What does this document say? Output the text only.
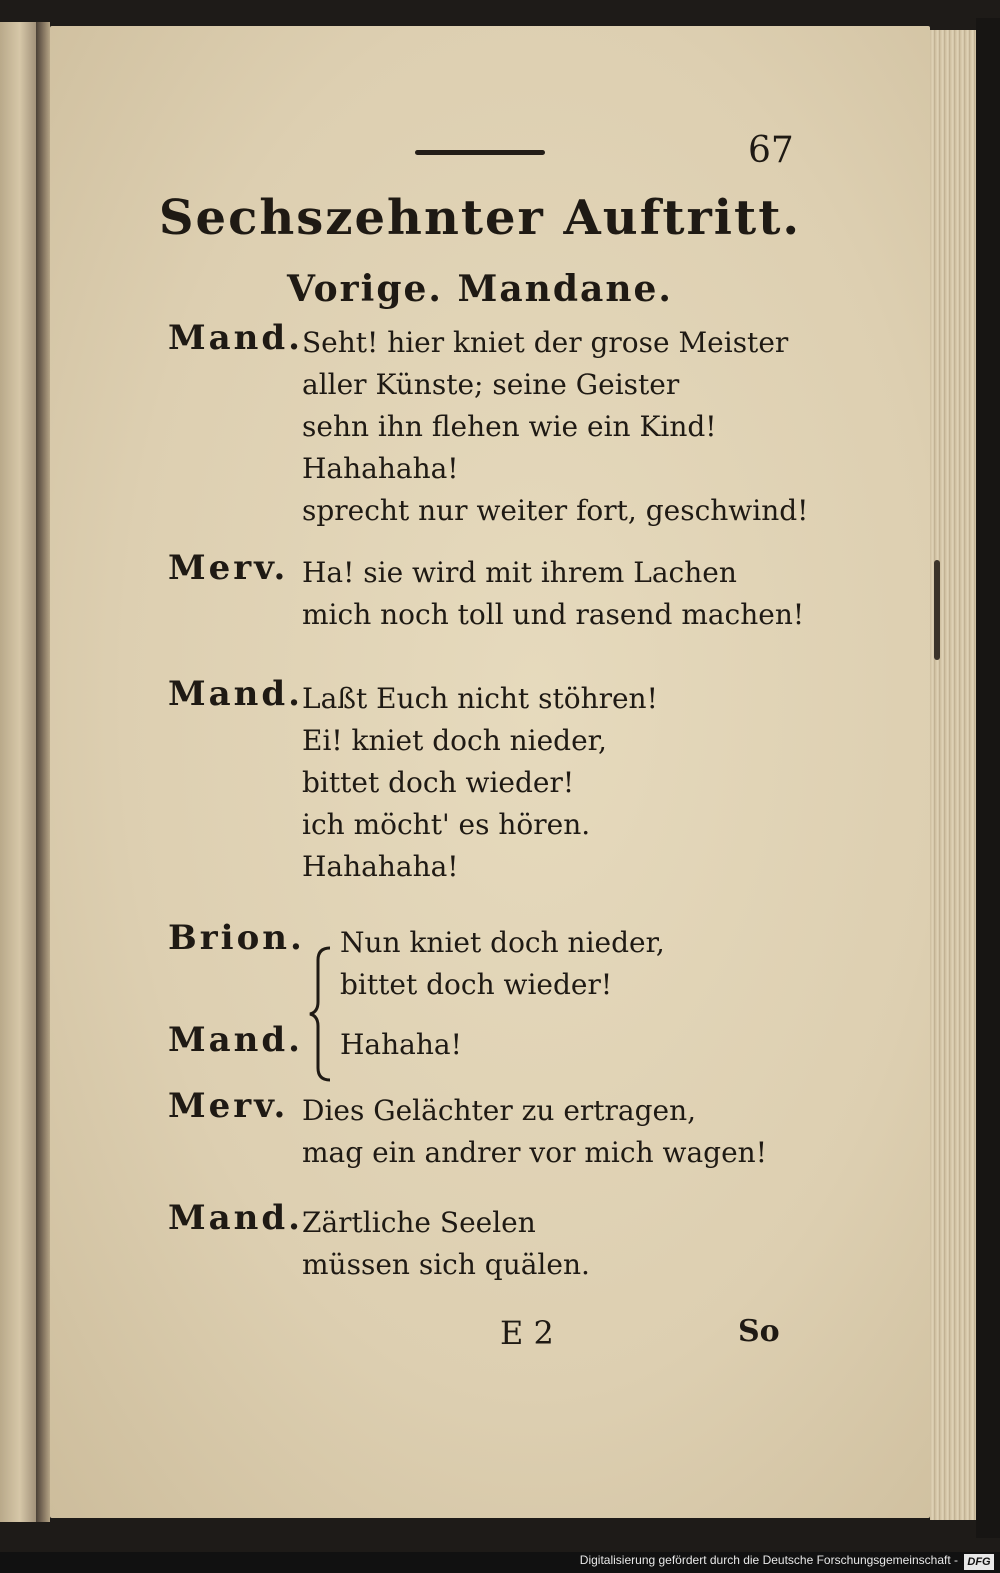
67
Sechszehnter Auftritt.
Vorige. Mandane.
Mand. Seht! hier kniet der grose Meister
aller Künste; seine Geister
sehn ihn flehen wie ein Kind!
Hahahaha!
sprecht nur weiter fort, geschwind!
Merv. Ha! sie wird mit ihrem Lachen
mich noch toll und rasend machen!
Mand. Laßt Euch nicht stöhren!
Ei! kniet doch nieder,
bittet doch wieder!
ich möcht' es hören.
Hahahaha!
Brion. Nun kniet doch nieder,
bittet doch wieder!
Mand. Hahaha!
Merv. Dies Gelächter zu ertragen,
mag ein andrer vor mich wagen!
Mand. Zärtliche Seelen
müssen sich quälen.
E 2	So
Digitalisierung gefördert durch die Deutsche Forschungsgemeinschaft - DFG
